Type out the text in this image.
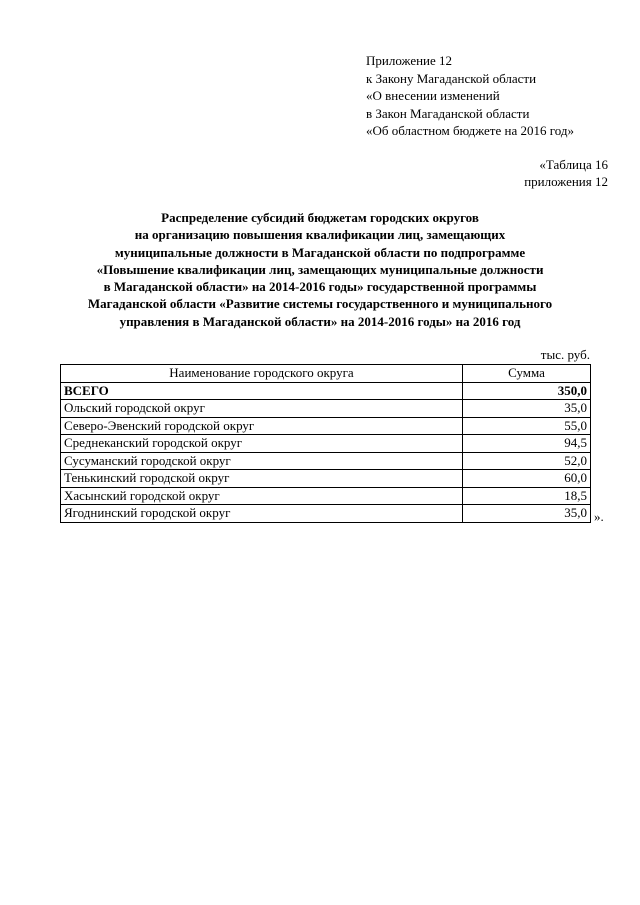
Приложение 12
к Закону Магаданской области
«О внесении изменений
в Закон Магаданской области
«Об областном бюджете на 2016 год»
«Таблица 16
приложения 12
Распределение субсидий бюджетам городских округов
на организацию повышения квалификации лиц, замещающих
муниципальные должности в Магаданской области по подпрограмме
«Повышение квалификации лиц, замещающих муниципальные должности
в Магаданской области» на 2014-2016 годы» государственной программы
Магаданской области «Развитие системы государственного и муниципального
управления в Магаданской области» на 2014-2016 годы» на 2016 год
тыс. руб.
Наименование городского округа	Сумма
ВСЕГО	350,0
Ольский городской округ	35,0
Северо-Эвенский городской округ	55,0
Среднеканский городской округ	94,5
Сусуманский городской округ	52,0
Тенькинский городской округ	60,0
Хасынский городской округ	18,5
Ягоднинский городской округ	35,0 ».
